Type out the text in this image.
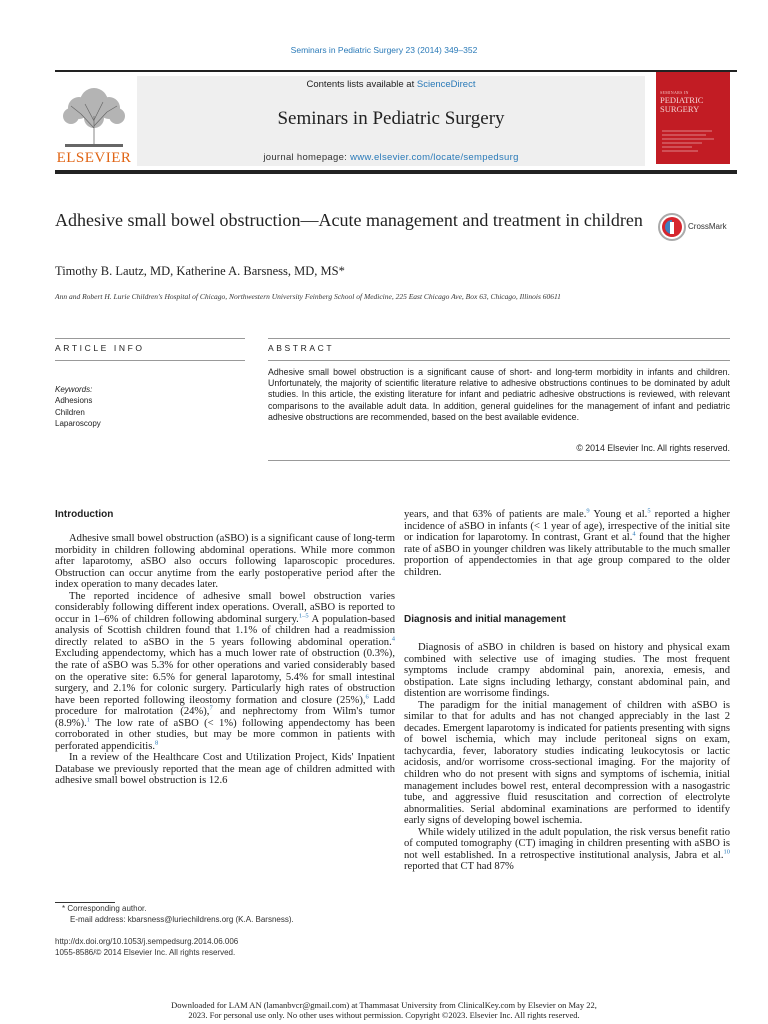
Seminars in Pediatric Surgery 23 (2014) 349–352
ELSEVIER
Contents lists available at ScienceDirect
Seminars in Pediatric Surgery
journal homepage: www.elsevier.com/locate/sempedsurg
SEMINARS IN
PEDIATRIC
SURGERY
Adhesive small bowel obstruction—Acute management and treatment in children	CrossMark
Timothy B. Lautz, MD, Katherine A. Barsness, MD, MS*
Ann and Robert H. Lurie Children's Hospital of Chicago, Northwestern University Feinberg School of Medicine, 225 East Chicago Ave, Box 63, Chicago, Illinois 60611
ARTICLE INFO
Keywords:
Adhesions
Children
Laparoscopy
ABSTRACT
Adhesive small bowel obstruction is a significant cause of short- and long-term morbidity in infants and children. Unfortunately, the majority of scientific literature relative to adhesive obstructions continues to be dominated by adult studies. In this article, the existing literature for infant and pediatric adhesive obstructions is reviewed, with relevant comparisons to the available adult data. In addition, general guidelines for the management of infant and pediatric adhesive obstructions are recommended, based on the best available evidence.
© 2014 Elsevier Inc. All rights reserved.
Introduction

Adhesive small bowel obstruction (aSBO) is a significant cause of long-term morbidity in children following abdominal operations. While more common after laparotomy, aSBO also occurs following laparoscopic procedures. Obstruction can occur anytime from the early postoperative period after the index operation to many decades later.

The reported incidence of adhesive small bowel obstruction varies considerably following different index operations. Overall, aSBO is reported to occur in 1–6% of children following abdominal surgery.$^{1-5}$ A population-based analysis of Scottish children found that 1.1% of children had a readmission directly related to aSBO in the 5 years following abdominal operation.$^4$ Excluding appendectomy, which has a much lower rate of obstruction (0.3%), the rate of aSBO was 5.3% for other operations and varied considerably based on the operative site: 6.5% for general laparotomy, 5.4% for small intestinal surgery, and 2.1% for colonic surgery. Particularly high rates of obstruction have been reported following ileostomy formation and closure (25%),$^6$ Ladd procedure for malrotation (24%),$^7$ and nephrectomy from Wilm's tumor (8.9%).$^1$ The low rate of aSBO (< 1%) following appendectomy has been corroborated in other studies, but may be more common in patients with perforated appendicitis.$^8$

In a review of the Healthcare Cost and Utilization Project, Kids' Inpatient Database we previously reported that the mean age of children admitted with adhesive small bowel obstruction is 12.6

years, and that 63% of patients are male.$^9$ Young et al.$^5$ reported a higher incidence of aSBO in infants (< 1 year of age), irrespective of the initial site or indication for laparotomy. In contrast, Grant et al.$^4$ found that the higher rate of aSBO in younger children was likely attributable to the much smaller proportion of appendectomies in that age group compared to the older children.

Diagnosis and initial management

Diagnosis of aSBO in children is based on history and physical exam combined with selective use of imaging studies. The most frequent symptoms include crampy abdominal pain, anorexia, emesis, and obstipation. Late signs including lethargy, constant abdominal pain, and distention are worrisome findings.

The paradigm for the initial management of children with aSBO is similar to that for adults and has not changed appreciably in the last 2 decades. Emergent laparotomy is indicated for patients presenting with signs of bowel ischemia, which may include peritoneal signs on exam, tachycardia, fever, laboratory studies indicating leukocytosis or lactic acidosis, and/or worrisome cross-sectional imaging. For the majority of children who do not present with signs and symptoms of ischemia, initial management includes bowel rest, enteral decompression with a nasogastric tube, and aggressive fluid resuscitation and correction of electrolyte abnormalities. Serial abdominal examinations are performed to identify early signs of developing bowel ischemia.

While widely utilized in the adult population, the risk versus benefit ratio of computed tomography (CT) imaging in children presenting with aSBO is not well established. In a retrospective institutional analysis, Jabra et al.$^{10}$ reported that CT had 87%

* Corresponding author.
E-mail address: kbarsness@luriechildrens.org (K.A. Barsness).
http://dx.doi.org/10.1053/j.sempedsurg.2014.06.006
1055-8586/© 2014 Elsevier Inc. All rights reserved.
Downloaded for LAM AN (lamanbvcr@gmail.com) at Thammasat University from ClinicalKey.com by Elsevier on May 22,
2023. For personal use only. No other uses without permission. Copyright ©2023. Elsevier Inc. All rights reserved.
